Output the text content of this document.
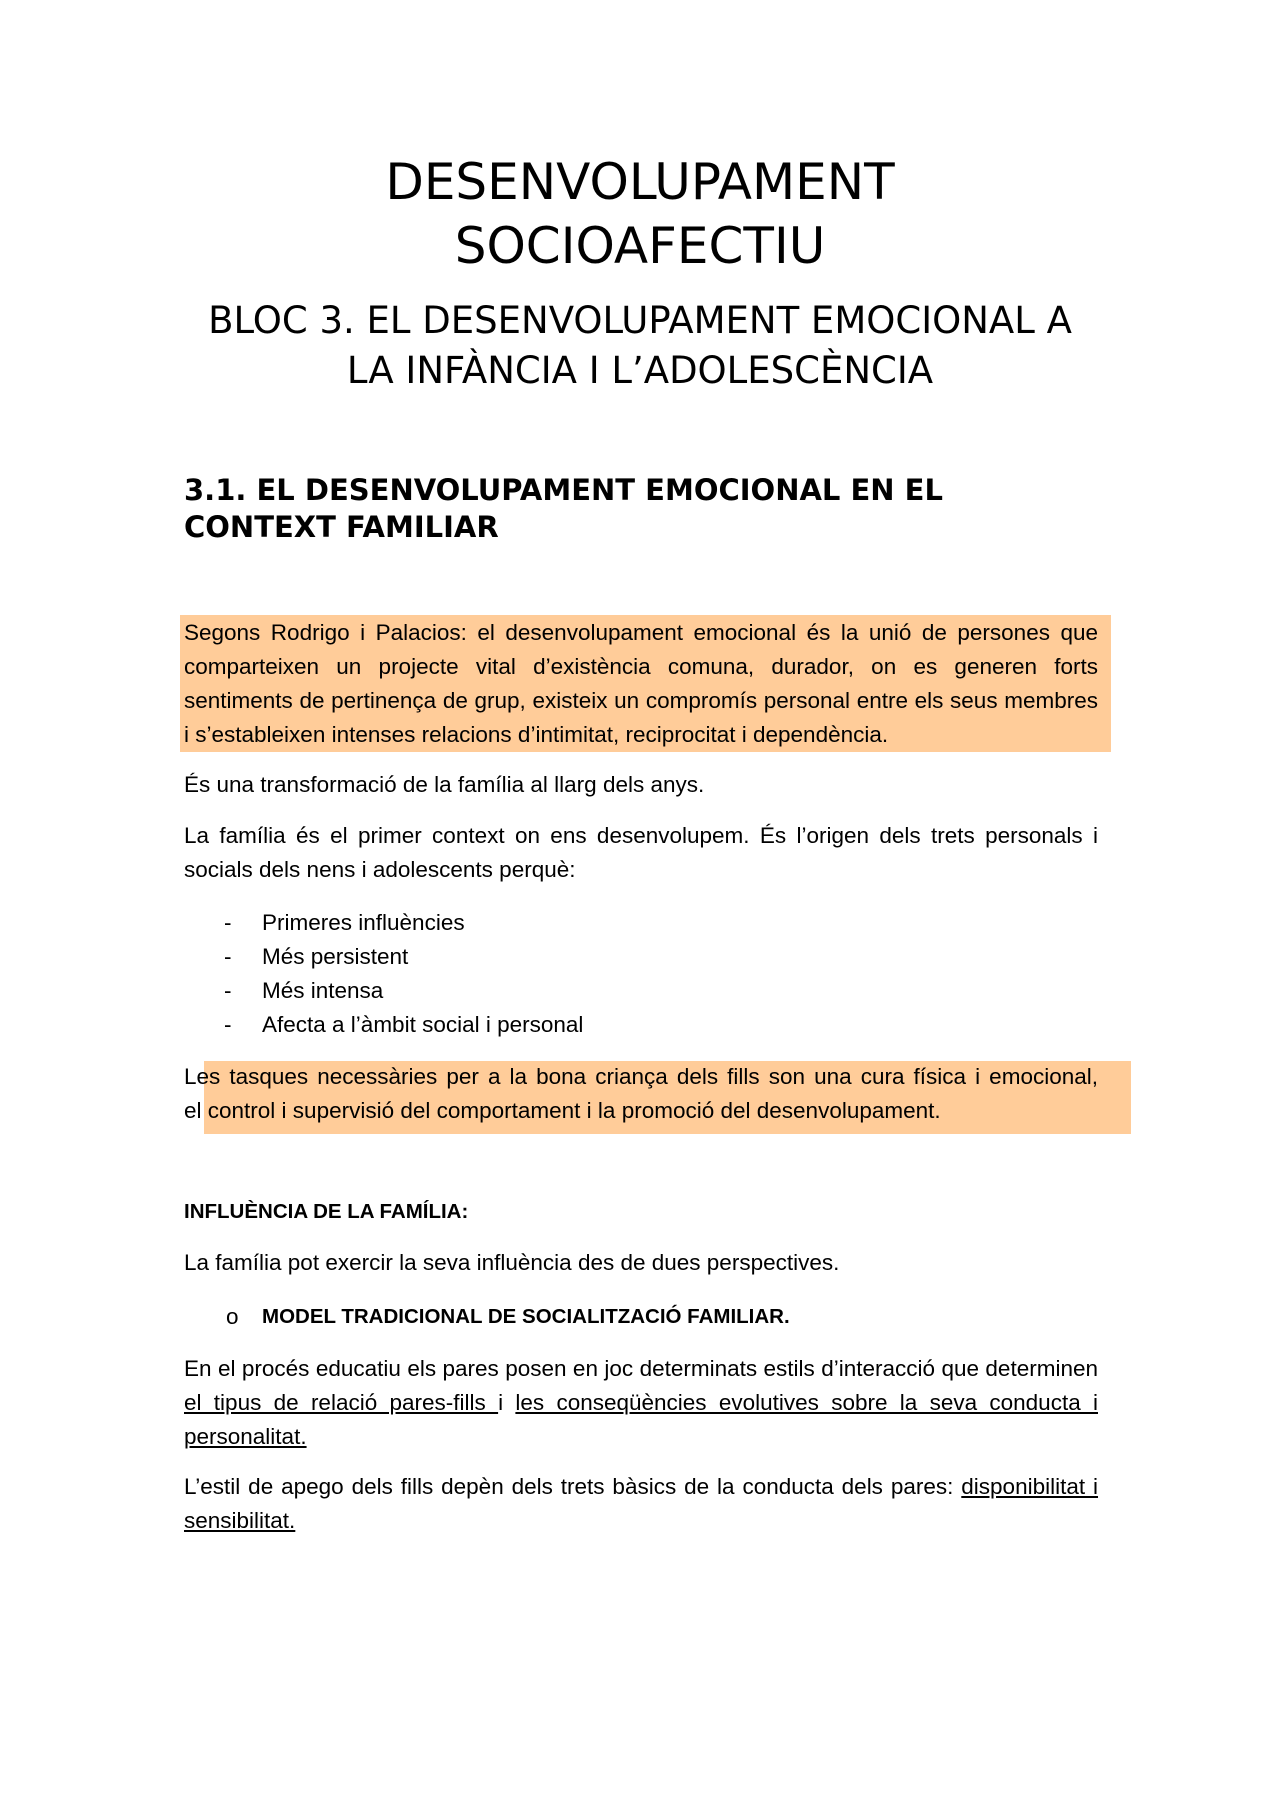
DESENVOLUPAMENT
SOCIOAFECTIU
BLOC 3. EL DESENVOLUPAMENT EMOCIONAL A
LA INFÀNCIA I L’ADOLESCÈNCIA
3.1. EL DESENVOLUPAMENT EMOCIONAL EN EL
CONTEXT FAMILIAR

Segons Rodrigo i Palacios: el desenvolupament emocional és la unió de persones que comparteixen un projecte vital d’existència comuna, durador, on es generen forts sentiments de pertinença de grup, existeix un compromís personal entre els seus membres i s’estableixen intenses relacions d’intimitat, reciprocitat i dependència.

És una transformació de la família al llarg dels anys.

La família és el primer context on ens desenvolupem. És l’origen dels trets personals i socials dels nens i adolescents perquè:

- Primeres influències
- Més persistent
- Més intensa
- Afecta a l’àmbit social i personal
Les tasques necessàries per a la bona criança dels fills son una cura física i emocional,
el control i supervisió del comportament i la promoció del desenvolupament.

INFLUÈNCIA DE LA FAMÍLIA:

La família pot exercir la seva influència des de dues perspectives.

o MODEL TRADICIONAL DE SOCIALITZACIÓ FAMILIAR.

En el procés educatiu els pares posen en joc determinats estils d’interacció que determinen el tipus de relació pares-fills i les conseqüències evolutives sobre la seva conducta i personalitat.

L’estil de apego dels fills depèn dels trets bàsics de la conducta dels pares: disponibilitat i sensibilitat.
